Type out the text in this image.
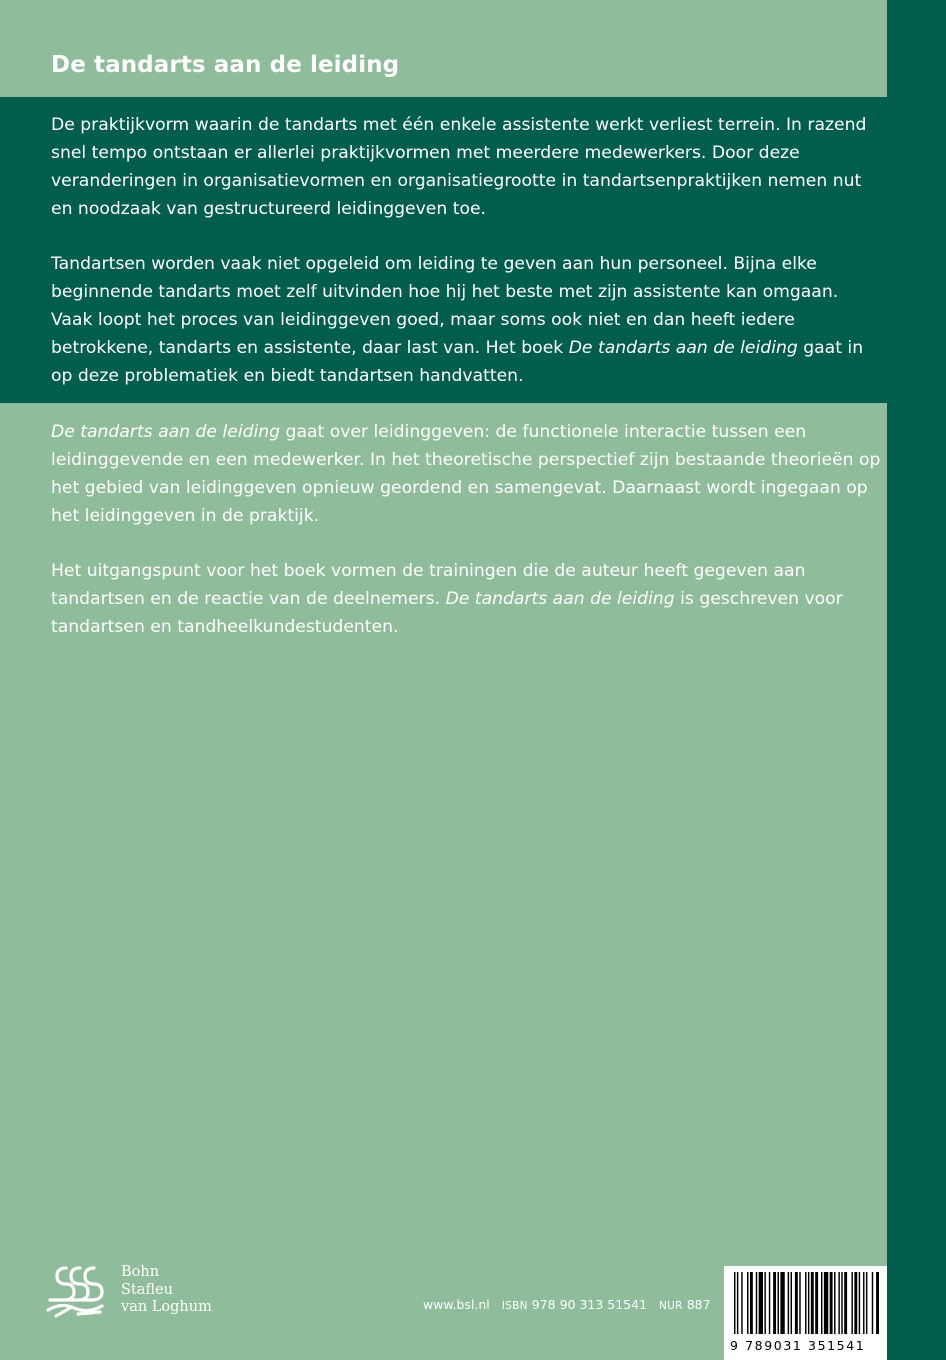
De tandarts aan de leiding

De praktijkvorm waarin de tandarts met één enkele assistente werkt verliest terrein. In razend snel tempo ontstaan er allerlei praktijkvormen met meerdere medewerkers. Door deze veranderingen in organisatievormen en organisatiegrootte in tandartsenpraktijken nemen nut en noodzaak van gestructureerd leidinggeven toe.

Tandartsen worden vaak niet opgeleid om leiding te geven aan hun personeel. Bijna elke beginnende tandarts moet zelf uitvinden hoe hij het beste met zijn assistente kan omgaan. Vaak loopt het proces van leidinggeven goed, maar soms ook niet en dan heeft iedere betrokkene, tandarts en assistente, daar last van. Het boek De tandarts aan de leiding gaat in op deze problematiek en biedt tandartsen handvatten.

De tandarts aan de leiding gaat over leidinggeven: de functionele interactie tussen een leidinggevende en een medewerker. In het theoretische perspectief zijn bestaande theorieën op het gebied van leidinggeven opnieuw geordend en samengevat. Daarnaast wordt ingegaan op het leidinggeven in de praktijk.

Het uitgangspunt voor het boek vormen de trainingen die de auteur heeft gegeven aan tandartsen en de reactie van de deelnemers. De tandarts aan de leiding is geschreven voor tandartsen en tandheelkundestudenten.

Bohn
Stafleu
van Loghum	www.bsl.nl ISBN 978 90 313 51541 NUR 887
9 789031 351541
